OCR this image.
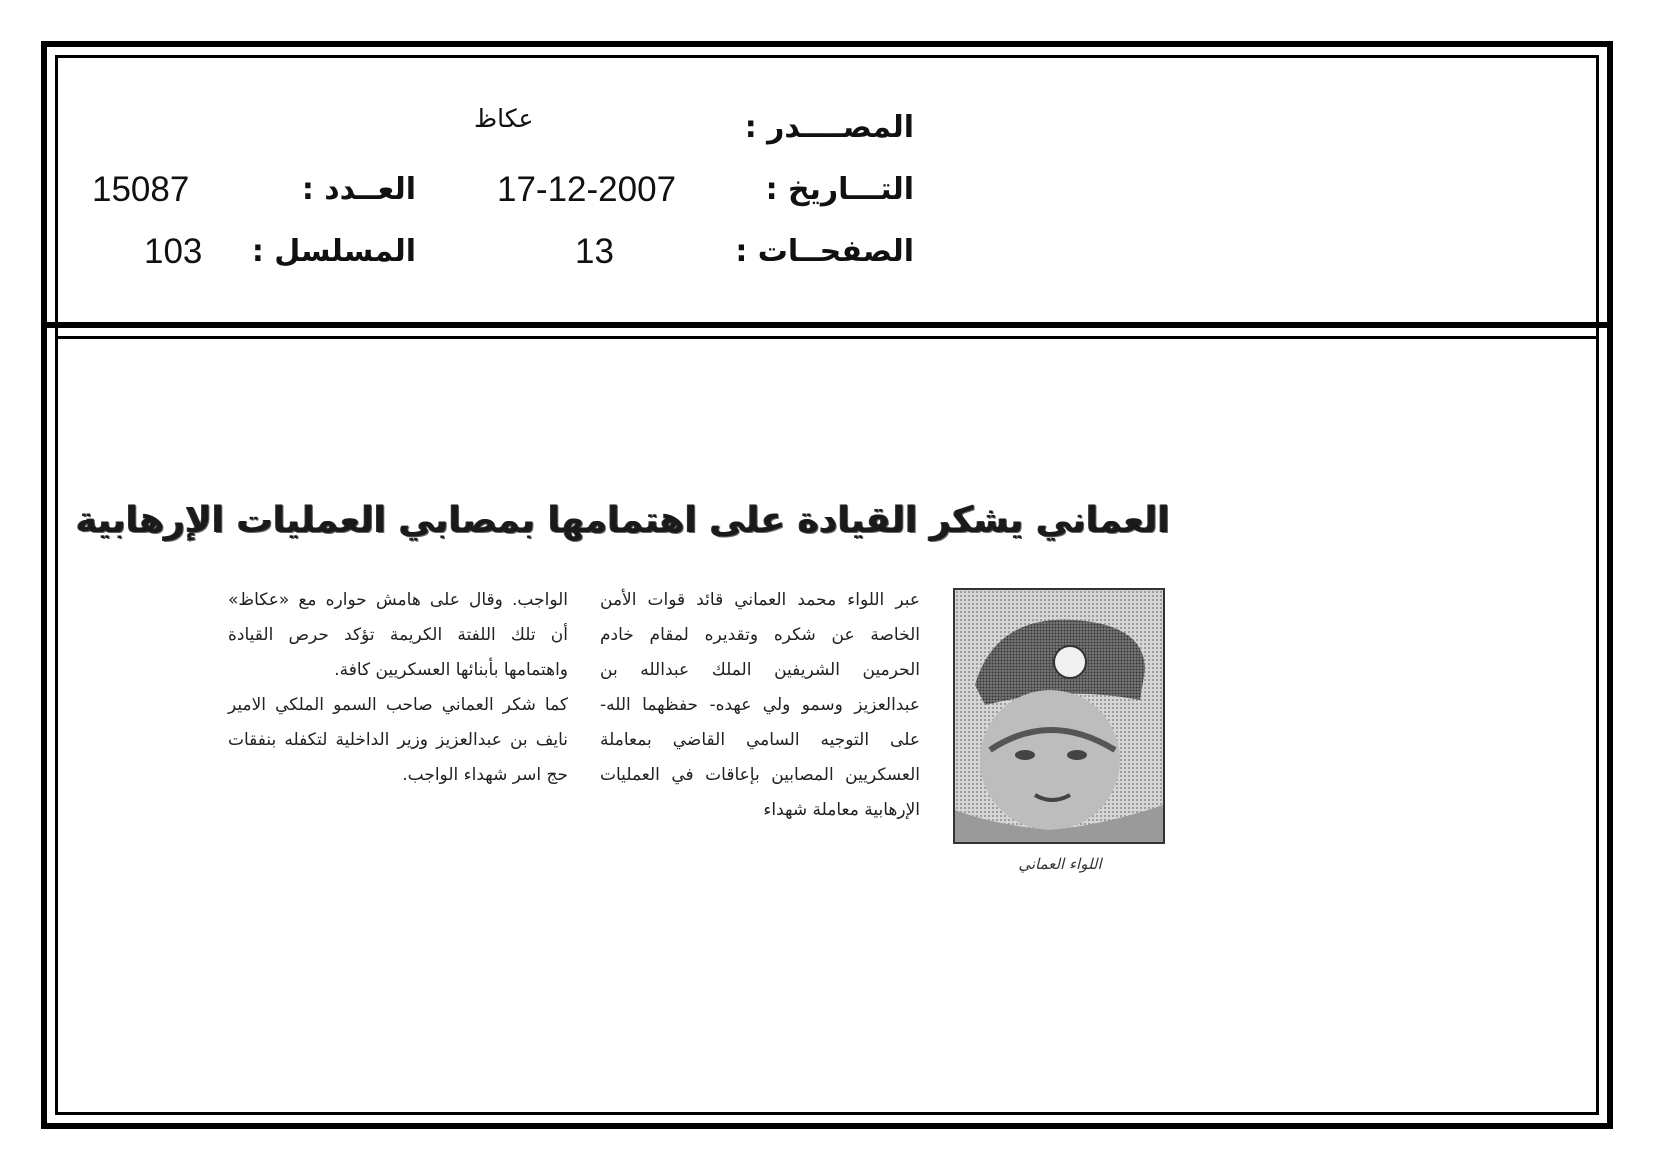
المصــــدر :
عكاظ
التـــاريخ :
17-12-2007
العــدد :
15087
الصفحــات :
13
المسلسل :
103
العماني يشكر القيادة على اهتمامها بمصابي العمليات الإرهابية

عبر اللواء محمد العماني قائد قوات الأمن الخاصة عن شكره وتقديره لمقام خادم الحرمين الشريفين الملك عبدالله بن عبدالعزيز وسمو ولي عهده- حفظهما الله- على التوجيه السامي القاضي بمعاملة العسكريين المصابين بإعاقات في العمليات الإرهابية معاملة شهداء

الواجب. وقال على هامش حواره مع «عكاظ» أن تلك اللفتة الكريمة تؤكد حرص القيادة واهتمامها بأبنائها العسكريين كافة.

كما شكر العماني صاحب السمو الملكي الامير نايف بن عبدالعزيز وزير الداخلية لتكفله بنفقات حج اسر شهداء الواجب.

اللواء العماني
